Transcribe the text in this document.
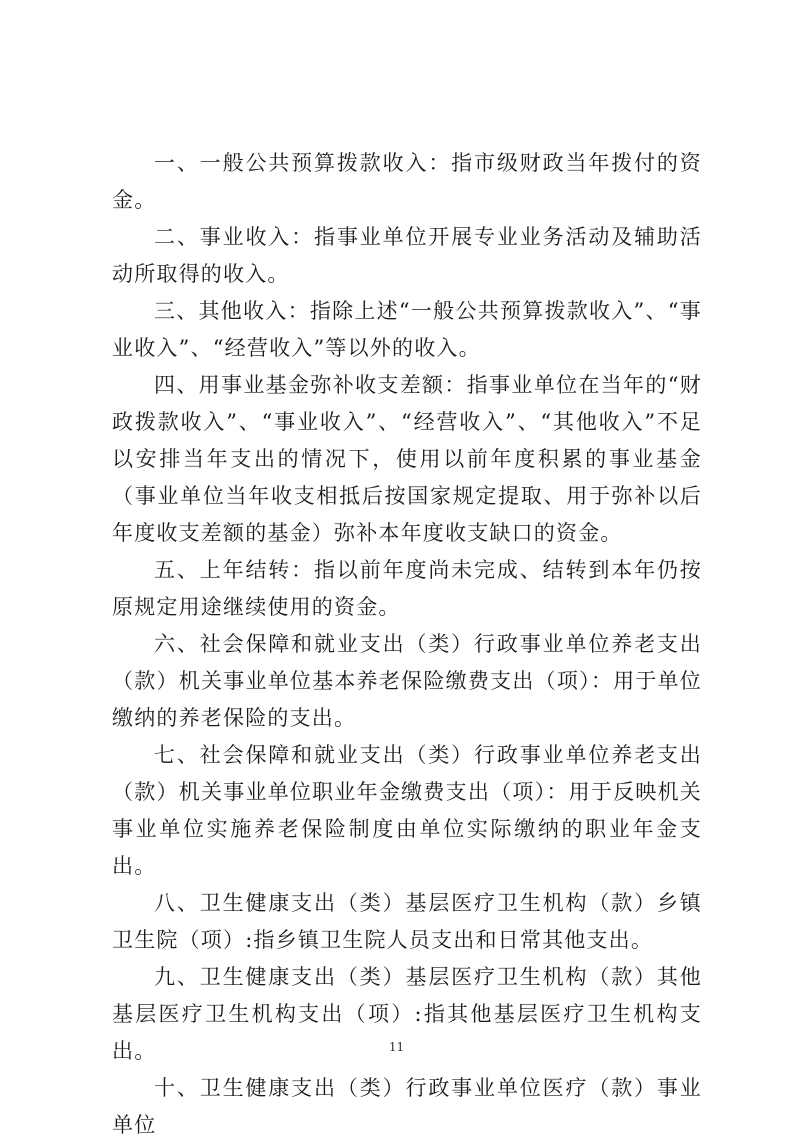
一、一般公共预算拨款收入：指市级财政当年拨付的资金。

二、事业收入：指事业单位开展专业业务活动及辅助活动所取得的收入。

三、其他收入：指除上述“一般公共预算拨款收入”、“事业收入”、“经营收入”等以外的收入。

四、用事业基金弥补收支差额：指事业单位在当年的“财政拨款收入”、“事业收入”、“经营收入”、“其他收入”不足以安排当年支出的情况下，使用以前年度积累的事业基金（事业单位当年收支相抵后按国家规定提取、用于弥补以后年度收支差额的基金）弥补本年度收支缺口的资金。

五、上年结转：指以前年度尚未完成、结转到本年仍按原规定用途继续使用的资金。

六、社会保障和就业支出（类）行政事业单位养老支出（款）机关事业单位基本养老保险缴费支出（项）：用于单位缴纳的养老保险的支出。

七、社会保障和就业支出（类）行政事业单位养老支出（款）机关事业单位职业年金缴费支出（项）：用于反映机关事业单位实施养老保险制度由单位实际缴纳的职业年金支出。

八、卫生健康支出（类）基层医疗卫生机构（款）乡镇卫生院（项）:指乡镇卫生院人员支出和日常其他支出。

九、卫生健康支出（类）基层医疗卫生机构（款）其他基层医疗卫生机构支出（项）:指其他基层医疗卫生机构支出。

十、卫生健康支出（类）行政事业单位医疗（款）事业单位

11
